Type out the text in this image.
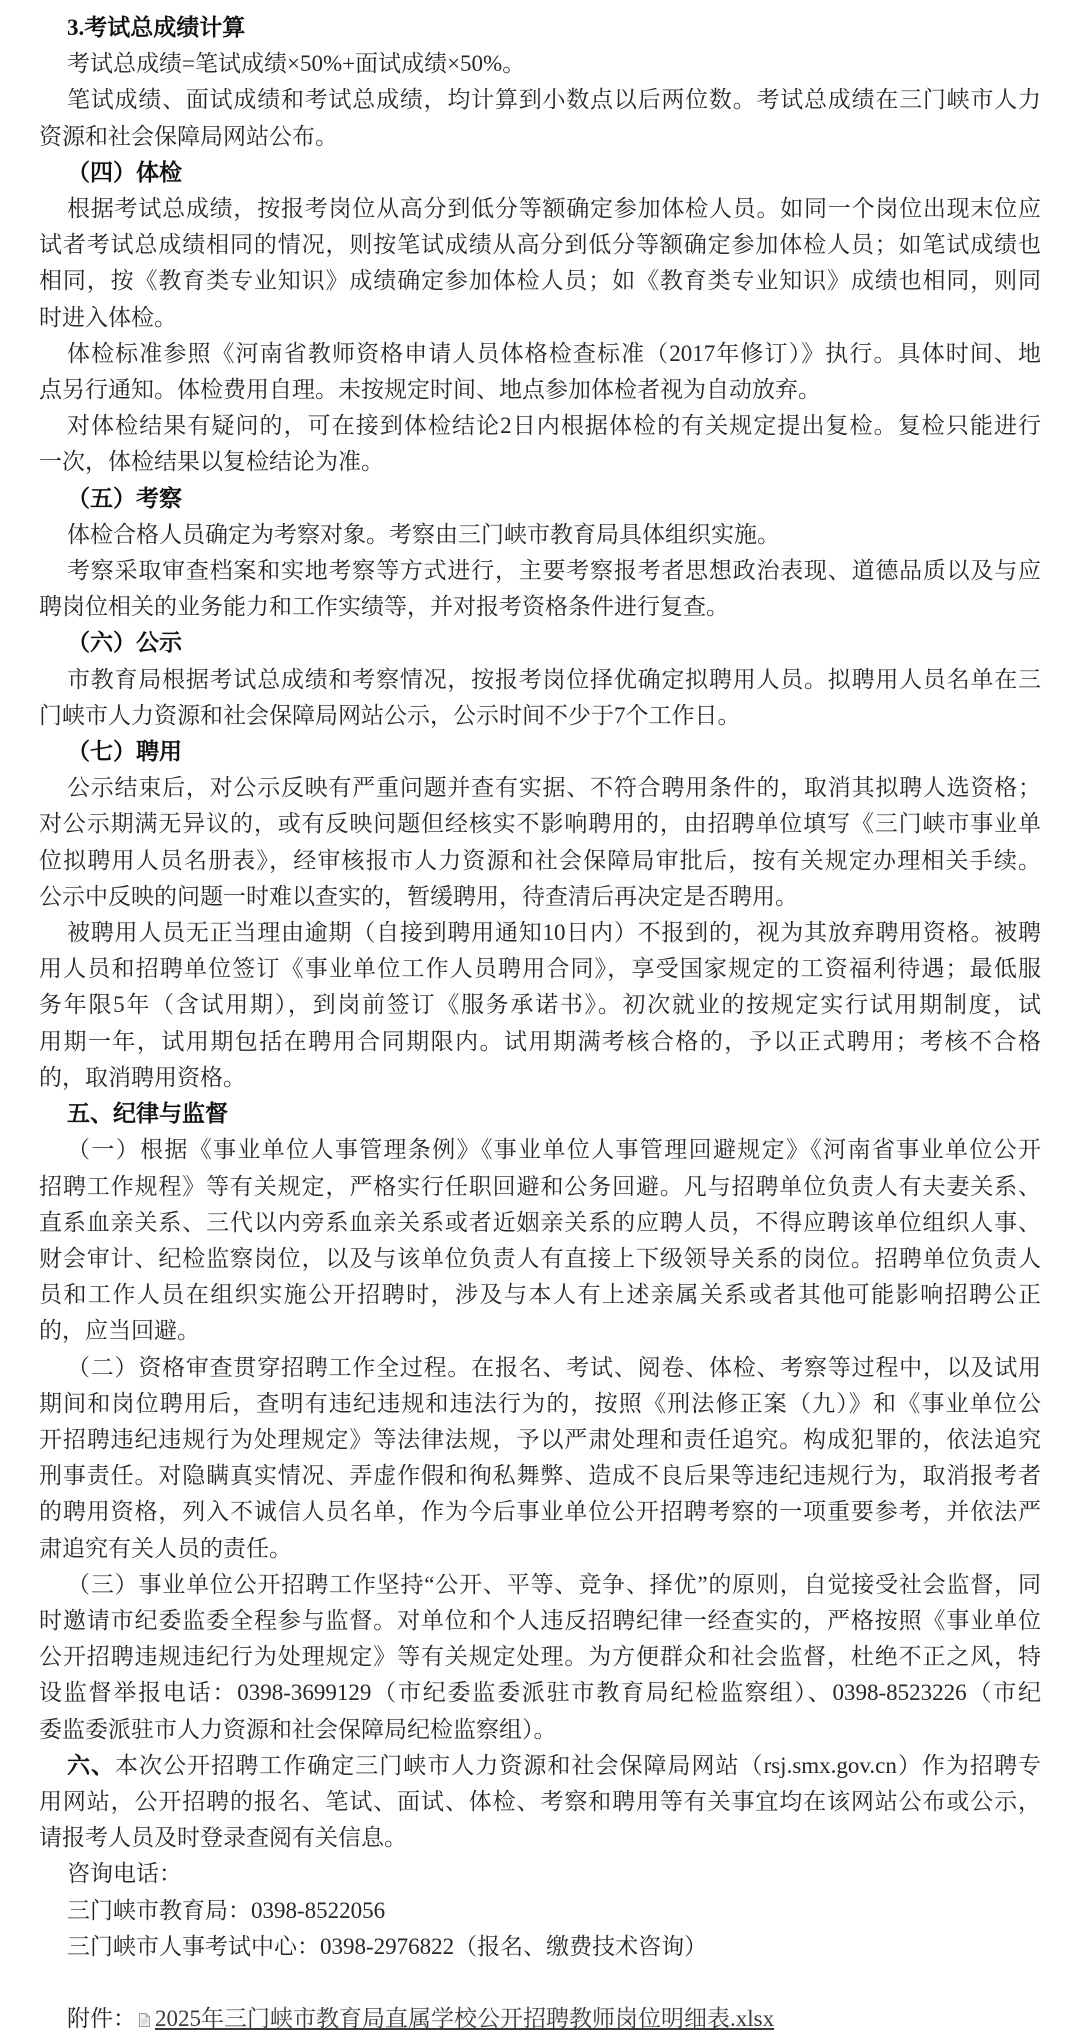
3.考试总成绩计算
考试总成绩=笔试成绩×50%+面试成绩×50%。
笔试成绩、面试成绩和考试总成绩，均计算到小数点以后两位数。考试总成绩在三门峡市人力
资源和社会保障局网站公布。
（四）体检
根据考试总成绩，按报考岗位从高分到低分等额确定参加体检人员。如同一个岗位出现末位应
试者考试总成绩相同的情况，则按笔试成绩从高分到低分等额确定参加体检人员；如笔试成绩也
相同，按《教育类专业知识》成绩确定参加体检人员；如《教育类专业知识》成绩也相同，则同
时进入体检。
体检标准参照《河南省教师资格申请人员体格检查标准（2017年修订）》执行。具体时间、地
点另行通知。体检费用自理。未按规定时间、地点参加体检者视为自动放弃。
对体检结果有疑问的，可在接到体检结论2日内根据体检的有关规定提出复检。复检只能进行
一次，体检结果以复检结论为准。
（五）考察
体检合格人员确定为考察对象。考察由三门峡市教育局具体组织实施。
考察采取审查档案和实地考察等方式进行，主要考察报考者思想政治表现、道德品质以及与应
聘岗位相关的业务能力和工作实绩等，并对报考资格条件进行复查。
（六）公示
市教育局根据考试总成绩和考察情况，按报考岗位择优确定拟聘用人员。拟聘用人员名单在三
门峡市人力资源和社会保障局网站公示，公示时间不少于7个工作日。
（七）聘用
公示结束后，对公示反映有严重问题并查有实据、不符合聘用条件的，取消其拟聘人选资格；
对公示期满无异议的，或有反映问题但经核实不影响聘用的，由招聘单位填写《三门峡市事业单
位拟聘用人员名册表》，经审核报市人力资源和社会保障局审批后，按有关规定办理相关手续。
公示中反映的问题一时难以查实的，暂缓聘用，待查清后再决定是否聘用。
被聘用人员无正当理由逾期（自接到聘用通知10日内）不报到的，视为其放弃聘用资格。被聘
用人员和招聘单位签订《事业单位工作人员聘用合同》，享受国家规定的工资福利待遇；最低服
务年限5年（含试用期），到岗前签订《服务承诺书》。初次就业的按规定实行试用期制度，试
用期一年，试用期包括在聘用合同期限内。试用期满考核合格的，予以正式聘用；考核不合格
的，取消聘用资格。
五、纪律与监督
（一）根据《事业单位人事管理条例》《事业单位人事管理回避规定》《河南省事业单位公开
招聘工作规程》等有关规定，严格实行任职回避和公务回避。凡与招聘单位负责人有夫妻关系、
直系血亲关系、三代以内旁系血亲关系或者近姻亲关系的应聘人员，不得应聘该单位组织人事、
财会审计、纪检监察岗位，以及与该单位负责人有直接上下级领导关系的岗位。招聘单位负责人
员和工作人员在组织实施公开招聘时，涉及与本人有上述亲属关系或者其他可能影响招聘公正
的，应当回避。
（二）资格审查贯穿招聘工作全过程。在报名、考试、阅卷、体检、考察等过程中，以及试用
期间和岗位聘用后，查明有违纪违规和违法行为的，按照《刑法修正案（九）》和《事业单位公
开招聘违纪违规行为处理规定》等法律法规，予以严肃处理和责任追究。构成犯罪的，依法追究
刑事责任。对隐瞒真实情况、弄虚作假和徇私舞弊、造成不良后果等违纪违规行为，取消报考者
的聘用资格，列入不诚信人员名单，作为今后事业单位公开招聘考察的一项重要参考，并依法严
肃追究有关人员的责任。
（三）事业单位公开招聘工作坚持“公开、平等、竞争、择优”的原则，自觉接受社会监督，同
时邀请市纪委监委全程参与监督。对单位和个人违反招聘纪律一经查实的，严格按照《事业单位
公开招聘违规违纪行为处理规定》等有关规定处理。为方便群众和社会监督，杜绝不正之风，特
设监督举报电话：0398-3699129（市纪委监委派驻市教育局纪检监察组）、0398-8523226（市纪
委监委派驻市人力资源和社会保障局纪检监察组）。
六、本次公开招聘工作确定三门峡市人力资源和社会保障局网站（rsj.smx.gov.cn）作为招聘专
用网站，公开招聘的报名、笔试、面试、体检、考察和聘用等有关事宜均在该网站公布或公示，
请报考人员及时登录查阅有关信息。
咨询电话：
三门峡市教育局：0398-8522056
三门峡市人事考试中心：0398-2976822（报名、缴费技术咨询）
附件： 2025年三门峡市教育局直属学校公开招聘教师岗位明细表.xlsx
